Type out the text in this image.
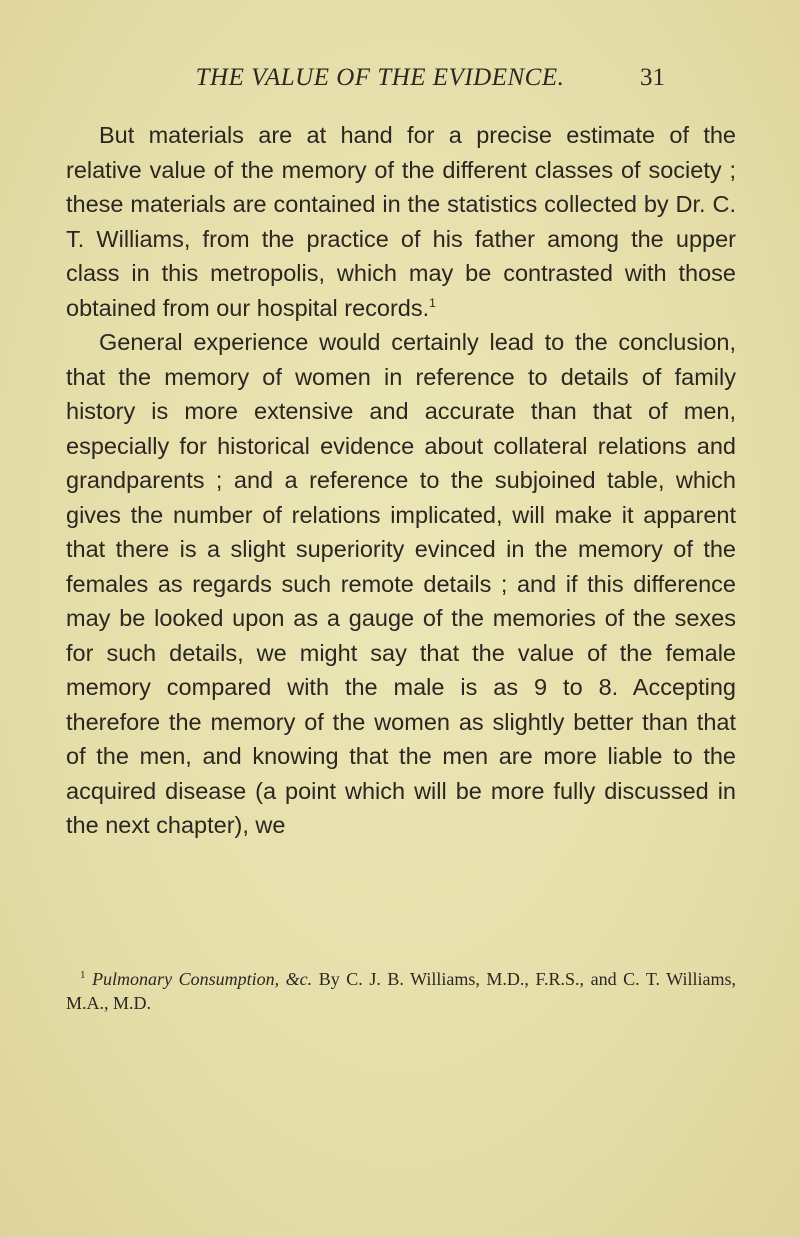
THE VALUE OF THE EVIDENCE.	31

But materials are at hand for a precise estimate of the relative value of the memory of the different classes of society ; these materials are contained in the statistics collected by Dr. C. T. Williams, from the practice of his father among the upper class in this metropolis, which may be contrasted with those obtained from our hospital records.$^1$

General experience would certainly lead to the conclusion, that the memory of women in reference to details of family history is more extensive and accurate than that of men, especially for historical evidence about collateral relations and grandparents ; and a reference to the subjoined table, which gives the number of relations implicated, will make it apparent that there is a slight superiority evinced in the memory of the females as regards such remote details ; and if this difference may be looked upon as a gauge of the memories of the sexes for such details, we might say that the value of the female memory compared with the male is as 9 to 8. Accepting therefore the memory of the women as slightly better than that of the men, and knowing that the men are more liable to the acquired disease (a point which will be more fully discussed in the next chapter), we

$^1$ Pulmonary Consumption, &c. By C. J. B. Williams, M.D., F.R.S., and C. T. Williams, M.A., M.D.
